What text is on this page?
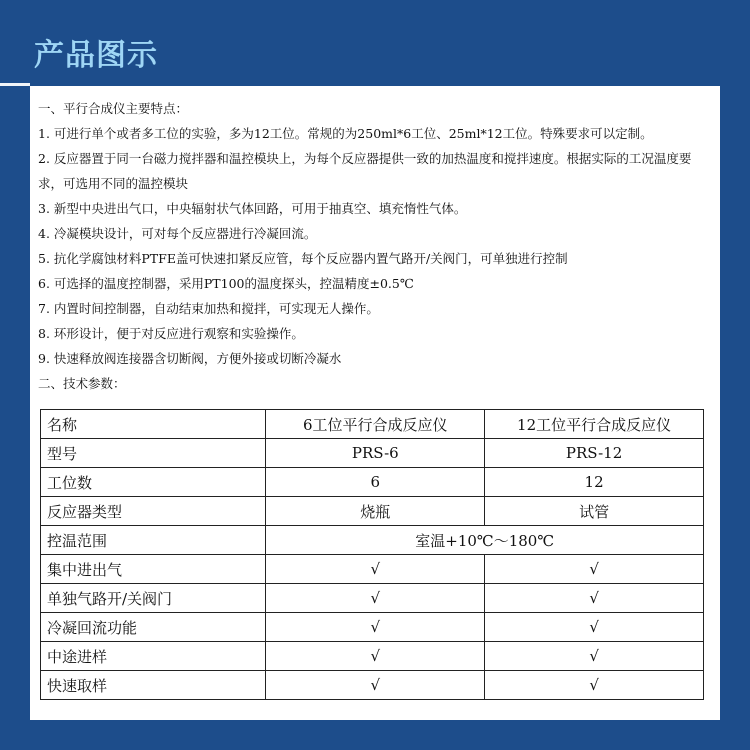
产品图示
一、平行合成仪主要特点：
1. 可进行单个或者多工位的实验，多为12工位。常规的为250ml*6工位、25ml*12工位。特殊要求可以定制。
2. 反应器置于同一台磁力搅拌器和温控模块上，为每个反应器提供一致的加热温度和搅拌速度。根据实际的工况温度要求，可选用不同的温控模块
3. 新型中央进出气口，中央辐射状气体回路，可用于抽真空、填充惰性气体。
4. 冷凝模块设计，可对每个反应器进行冷凝回流。
5. 抗化学腐蚀材料PTFE盖可快速扣紧反应管，每个反应器内置气路开/关阀门，可单独进行控制
6. 可选择的温度控制器，采用PT100的温度探头，控温精度±0.5℃
7. 内置时间控制器，自动结束加热和搅拌，可实现无人操作。
8. 环形设计，便于对反应进行观察和实验操作。
9. 快速释放阀连接器含切断阀，方便外接或切断冷凝水
二、技术参数：
名称	6工位平行合成反应仪	12工位平行合成反应仪
型号	PRS-6	PRS-12
工位数	6	12
反应器类型	烧瓶	试管
控温范围	室温+10℃～180℃	
集中进出气	√	√
单独气路开/关阀门	√	√
冷凝回流功能	√	√
中途进样	√	√
快速取样	√	√
